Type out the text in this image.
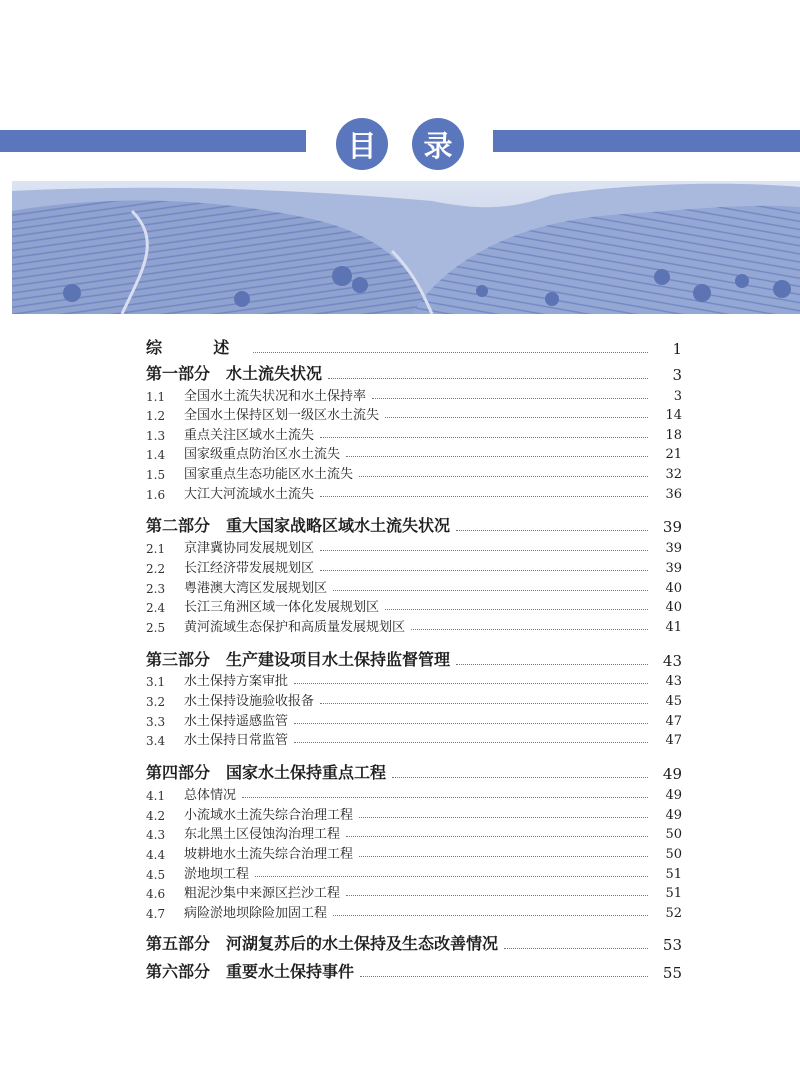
目	录
综　述	1
第一部分　水土流失状况	3
1.1	全国水土流失状况和水土保持率	3
1.2	全国水土保持区划一级区水土流失	14
1.3	重点关注区域水土流失	18
1.4	国家级重点防治区水土流失	21
1.5	国家重点生态功能区水土流失	32
1.6	大江大河流域水土流失	36
第二部分　重大国家战略区域水土流失状况	39
2.1	京津冀协同发展规划区	39
2.2	长江经济带发展规划区	39
2.3	粤港澳大湾区发展规划区	40
2.4	长江三角洲区域一体化发展规划区	40
2.5	黄河流域生态保护和高质量发展规划区	41
第三部分　生产建设项目水土保持监督管理	43
3.1	水土保持方案审批	43
3.2	水土保持设施验收报备	45
3.3	水土保持遥感监管	47
3.4	水土保持日常监管	47
第四部分　国家水土保持重点工程	49
4.1	总体情况	49
4.2	小流域水土流失综合治理工程	49
4.3	东北黑土区侵蚀沟治理工程	50
4.4	坡耕地水土流失综合治理工程	50
4.5	淤地坝工程	51
4.6	粗泥沙集中来源区拦沙工程	51
4.7	病险淤地坝除险加固工程	52
第五部分　河湖复苏后的水土保持及生态改善情况	53
第六部分　重要水土保持事件	55
